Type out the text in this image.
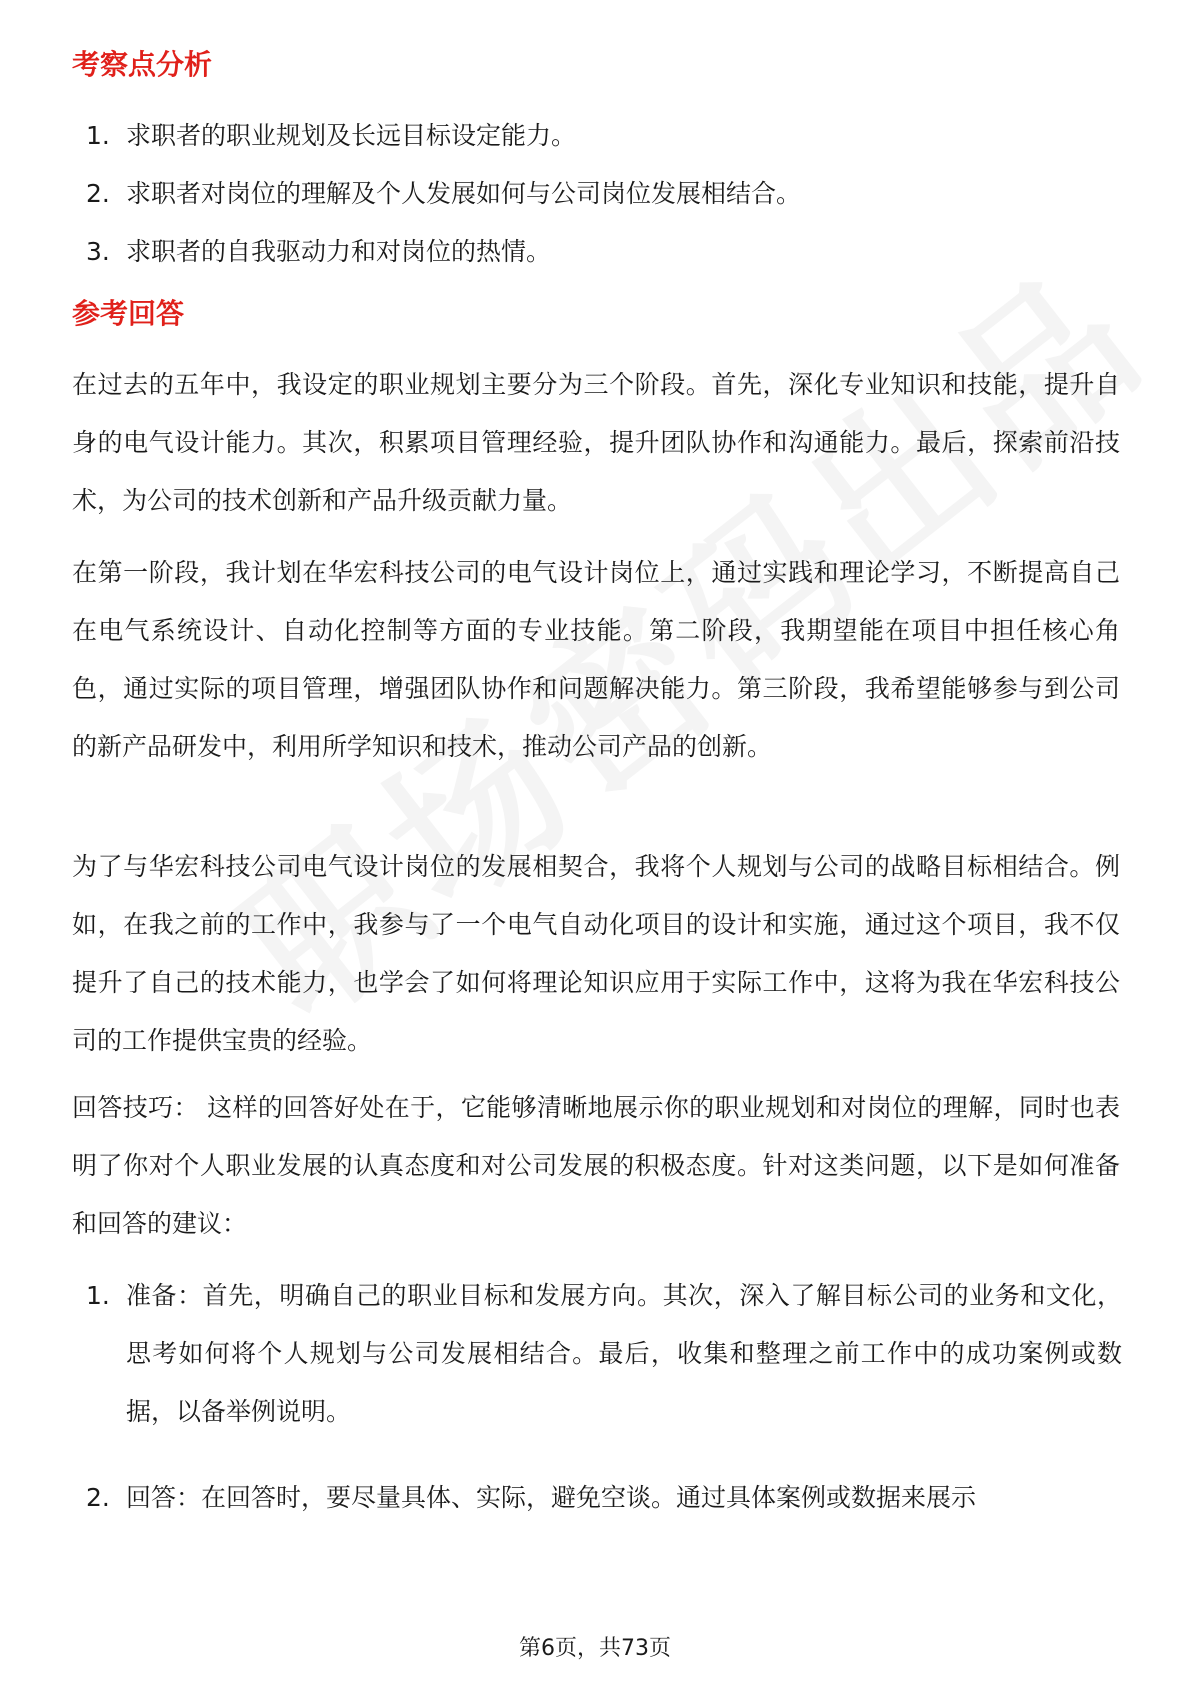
考察点分析
1. 求职者的职业规划及长远目标设定能力。
2. 求职者对岗位的理解及个人发展如何与公司岗位发展相结合。
3. 求职者的自我驱动力和对岗位的热情。
参考回答

在过去的五年中，我设定的职业规划主要分为三个阶段。首先，深化专业知识和技能，提升自身的电气设计能力。其次，积累项目管理经验，提升团队协作和沟通能力。最后，探索前沿技术，为公司的技术创新和产品升级贡献力量。

在第一阶段，我计划在华宏科技公司的电气设计岗位上，通过实践和理论学习，不断提高自己在电气系统设计、自动化控制等方面的专业技能。第二阶段，我期望能在项目中担任核心角色，通过实际的项目管理，增强团队协作和问题解决能力。第三阶段，我希望能够参与到公司的新产品研发中，利用所学知识和技术，推动公司产品的创新。

为了与华宏科技公司电气设计岗位的发展相契合，我将个人规划与公司的战略目标相结合。例如，在我之前的工作中，我参与了一个电气自动化项目的设计和实施，通过这个项目，我不仅提升了自己的技术能力，也学会了如何将理论知识应用于实际工作中，这将为我在华宏科技公司的工作提供宝贵的经验。

回答技巧： 这样的回答好处在于，它能够清晰地展示你的职业规划和对岗位的理解，同时也表明了你对个人职业发展的认真态度和对公司发展的积极态度。针对这类问题，以下是如何准备和回答的建议：

1. 准备：首先，明确自己的职业目标和发展方向。其次，深入了解目标公司的业务和文化，思考如何将个人规划与公司发展相结合。最后，收集和整理之前工作中的成功案例或数据，以备举例说明。
2. 回答：在回答时，要尽量具体、实际，避免空谈。通过具体案例或数据来展示
第6页，共73页
